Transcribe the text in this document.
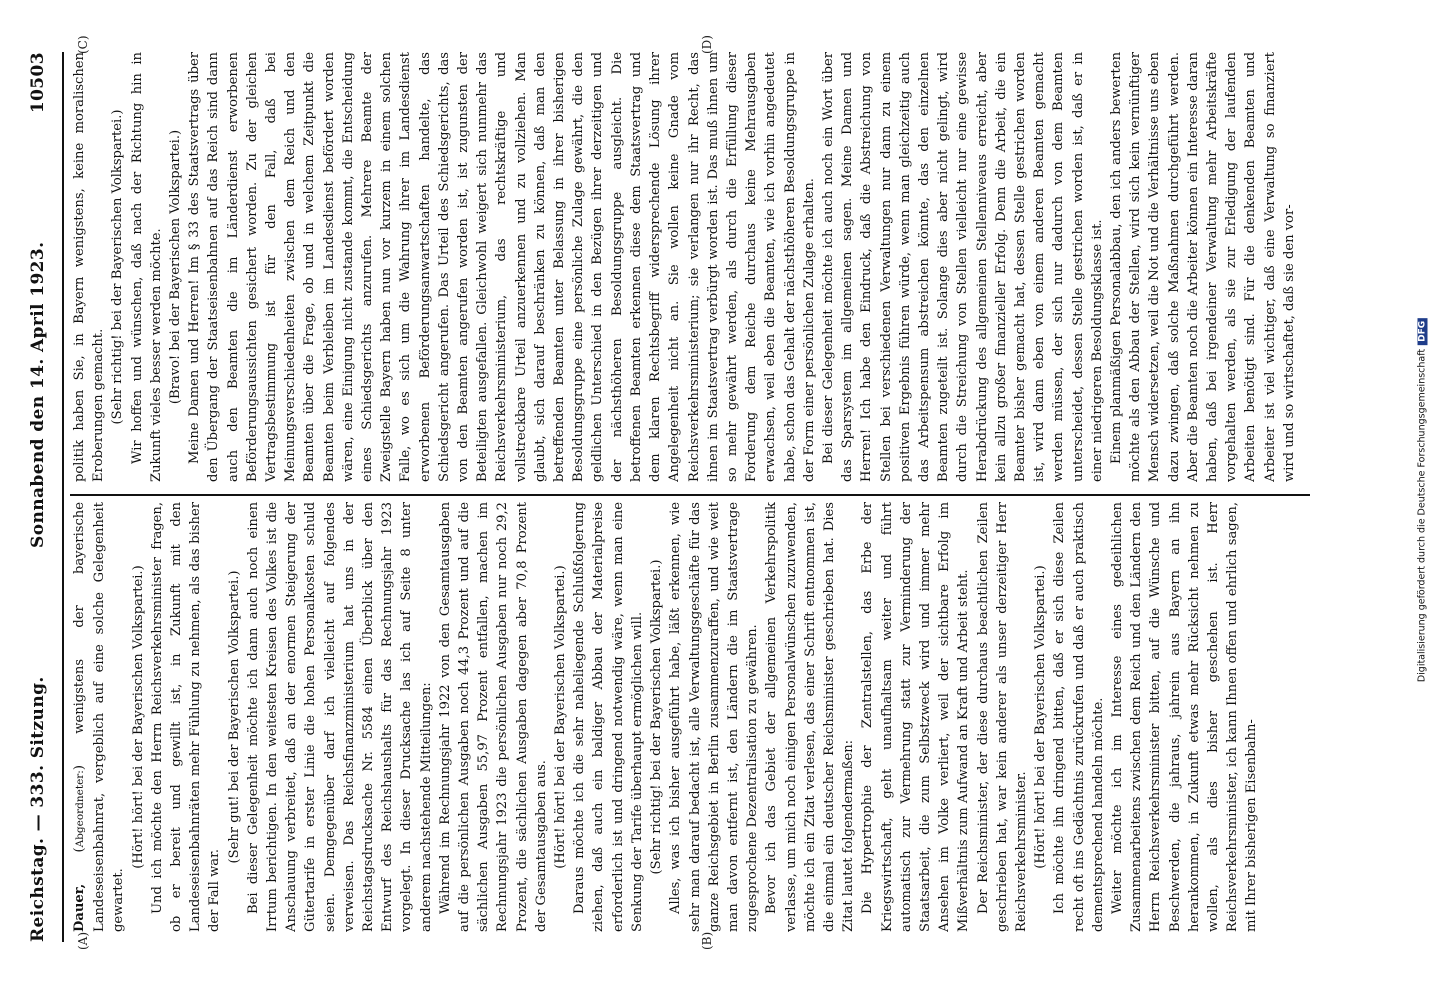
Reichstag. — 333. Sitzung.
Sonnabend den 14. April 1923.
10503
(A)	(B)
(C)	(D)

Dauer, (Abgeordneter:) wenigstens der bayerische Landeseisenbahnrat, vergeblich auf eine solche Gelegenheit gewartet.

(Hört! hört! bei der Bayerischen Volkspartei.) Und ich möchte den Herrn Reichsverkehrsminister fragen, ob er bereit und gewillt ist, in Zukunft mit den Landeseisenbahnräten mehr Fühlung zu nehmen, als das bisher der Fall war.

(Sehr gut! bei der Bayerischen Volkspartei.) Bei dieser Gelegenheit möchte ich dann auch noch einen Irrtum berichtigen. In den weitesten Kreisen des Volkes ist die Anschauung verbreitet, daß an der enormen Steigerung der Gütertarife in erster Linie die hohen Personalkosten schuld seien. Demgegenüber darf ich vielleicht auf folgendes verweisen. Das Reichsfinanzministerium hat uns in der Reichstagsdrucksache Nr. 5584 einen Überblick über den Entwurf des Reichshaushalts für das Rechnungsjahr 1923 vorgelegt. In dieser Drucksache las ich auf Seite 8 unter anderem nachstehende Mitteilungen: Während im Rechnungsjahr 1922 von den Gesamtausgaben auf die persönlichen Ausgaben noch 44,3 Prozent und auf die sächlichen Ausgaben 55,97 Prozent entfallen, machen im Rechnungsjahr 1923 die persönlichen Ausgaben nur noch 29,2 Prozent, die sächlichen Ausgaben dagegen aber 70,8 Prozent der Gesamtausgaben aus. (Hört! hört! bei der Bayerischen Volkspartei.) Daraus möchte ich die sehr naheliegende Schlußfolgerung ziehen, daß auch ein baldiger Abbau der Materialpreise erforderlich ist und dringend notwendig wäre, wenn man eine Senkung der Tarife überhaupt ermöglichen will. (Sehr richtig! bei der Bayerischen Volkspartei.) Alles, was ich bisher ausgeführt habe, läßt erkennen, wie sehr man darauf bedacht ist, alle Verwaltungsgeschäfte für das ganze Reichsgebiet in Berlin zusammenzuraffen, und wie weit man davon entfernt ist, den Ländern die im Staatsvertrage zugesprochene Dezentralisation zu gewähren. Bevor ich das Gebiet der allgemeinen Verkehrspolitik verlasse, um mich noch einigen Personalwünschen zuzuwenden, möchte ich ein Zitat verlesen, das einer Schrift entnommen ist, die einmal ein deutscher Reichsminister geschrieben hat. Dies Zitat lautet folgendermaßen: Die Hypertrophie der Zentralstellen, das Erbe der Kriegswirtschaft, geht unaufhaltsam weiter und führt automatisch zur Vermehrung statt zur Verminderung der Staatsarbeit, die zum Selbstzweck wird und immer mehr Ansehen im Volke verliert, weil der sichtbare Erfolg im Mißverhältnis zum Aufwand an Kraft und Arbeit steht. Der Reichsminister, der diese durchaus beachtlichen Zeilen geschrieben hat, war kein anderer als unser derzeitiger Herr Reichsverkehrsminister. (Hört! hört! bei der Bayerischen Volkspartei.) Ich möchte ihn dringend bitten, daß er sich diese Zeilen recht oft ins Gedächtnis zurückrufen und daß er auch praktisch dementsprechend handeln möchte. Weiter möchte ich im Interesse eines gedeihlichen Zusammenarbeitens zwischen dem Reich und den Ländern den Herrn Reichsverkehrsminister bitten, auf die Wünsche und Beschwerden, die jahraus, jahrein aus Bayern an ihn herankommen, in Zukunft etwas mehr Rücksicht nehmen zu wollen, als dies bisher geschehen ist. Herr Reichsverkehrsminister, ich kann Ihnen offen und ehrlich sagen, mit Ihrer bisherigen Eisenbahn-

politik haben Sie, in Bayern wenigstens, keine moralischen Eroberungen gemacht. (Sehr richtig! bei der Bayerischen Volkspartei.) Wir hoffen und wünschen, daß nach der Richtung hin in Zukunft vieles besser werden möchte. (Bravo! bei der Bayerischen Volkspartei.) Meine Damen und Herren! Im § 33 des Staatsvertrags über den Übergang der Staatseisenbahnen auf das Reich sind dann auch den Beamten die im Länderdienst erworbenen Beförderungsaussichten gesichert worden. Zu der gleichen Vertragsbestimmung ist für den Fall, daß bei Meinungsverschiedenheiten zwischen dem Reich und den Beamten über die Frage, ob und in welchem Zeitpunkt die Beamten beim Verbleiben im Landesdienst befördert worden wären, eine Einigung nicht zustande kommt, die Entscheidung eines Schiedsgerichts anzurufen. Mehrere Beamte der Zweigstelle Bayern haben nun vor kurzem in einem solchen Falle, wo es sich um die Wahrung ihrer im Landesdienst erworbenen Beförderungsanwartschaften handelte, das Schiedsgericht angerufen. Das Urteil des Schiedsgerichts, das von den Beamten angerufen worden ist, ist zugunsten der Beteiligten ausgefallen. Gleichwohl weigert sich nunmehr das Reichsverkehrsministerium, das rechtskräftige und vollstreckbare Urteil anzuerkennen und zu vollziehen. Man glaubt, sich darauf beschränken zu können, daß man den betreffenden Beamten unter Belassung in ihrer bisherigen Besoldungsgruppe eine persönliche Zulage gewährt, die den geldlichen Unterschied in den Bezügen ihrer derzeitigen und der nächsthöheren Besoldungsgruppe ausgleicht. Die betroffenen Beamten erkennen diese dem Staatsvertrag und dem klaren Rechtsbegriff widersprechende Lösung ihrer Angelegenheit nicht an. Sie wollen keine Gnade vom Reichsverkehrsministerium; sie verlangen nur ihr Recht, das ihnen im Staatsvertrag verbürgt worden ist. Das muß ihnen um so mehr gewährt werden, als durch die Erfüllung dieser Forderung dem Reiche durchaus keine Mehrausgaben erwachsen, weil eben die Beamten, wie ich vorhin angedeutet habe, schon das Gehalt der nächsthöheren Besoldungsgruppe in der Form einer persönlichen Zulage erhalten. Bei dieser Gelegenheit möchte ich auch noch ein Wort über das Sparsystem im allgemeinen sagen. Meine Damen und Herren! Ich habe den Eindruck, daß die Abstreichung von Stellen bei verschiedenen Verwaltungen nur dann zu einem positiven Ergebnis führen würde, wenn man gleichzeitig auch das Arbeitspensum abstreichen könnte, das den einzelnen Beamten zugeteilt ist. Solange dies aber nicht gelingt, wird durch die Streichung von Stellen vielleicht nur eine gewisse Herabdrückung des allgemeinen Stellenniveaus erreicht, aber kein allzu großer finanzieller Erfolg. Denn die Arbeit, die ein Beamter bisher gemacht hat, dessen Stelle gestrichen worden ist, wird dann eben von einem anderen Beamten gemacht werden müssen, der sich nur dadurch von dem Beamten unterscheidet, dessen Stelle gestrichen worden ist, daß er in einer niedrigeren Besoldungsklasse ist. Einem planmäßigen Personalabbau, den ich anders bewerten möchte als den Abbau der Stellen, wird sich kein vernünftiger Mensch widersetzen, weil die Not und die Verhältnisse uns eben dazu zwingen, daß solche Maßnahmen durchgeführt werden. Aber die Beamten noch die Arbeiter können ein Interesse daran haben, daß bei irgendeiner Verwaltung mehr Arbeitskräfte vorgehalten werden, als sie zur Erledigung der laufenden Arbeiten benötigt sind. Für die denkenden Beamten und Arbeiter ist viel wichtiger, daß eine Verwaltung so finanziert wird und so wirtschaftet, daß sie den vor-

Digitalisierung gefördert durch die Deutsche ForschungsgemeinschaftDFG
